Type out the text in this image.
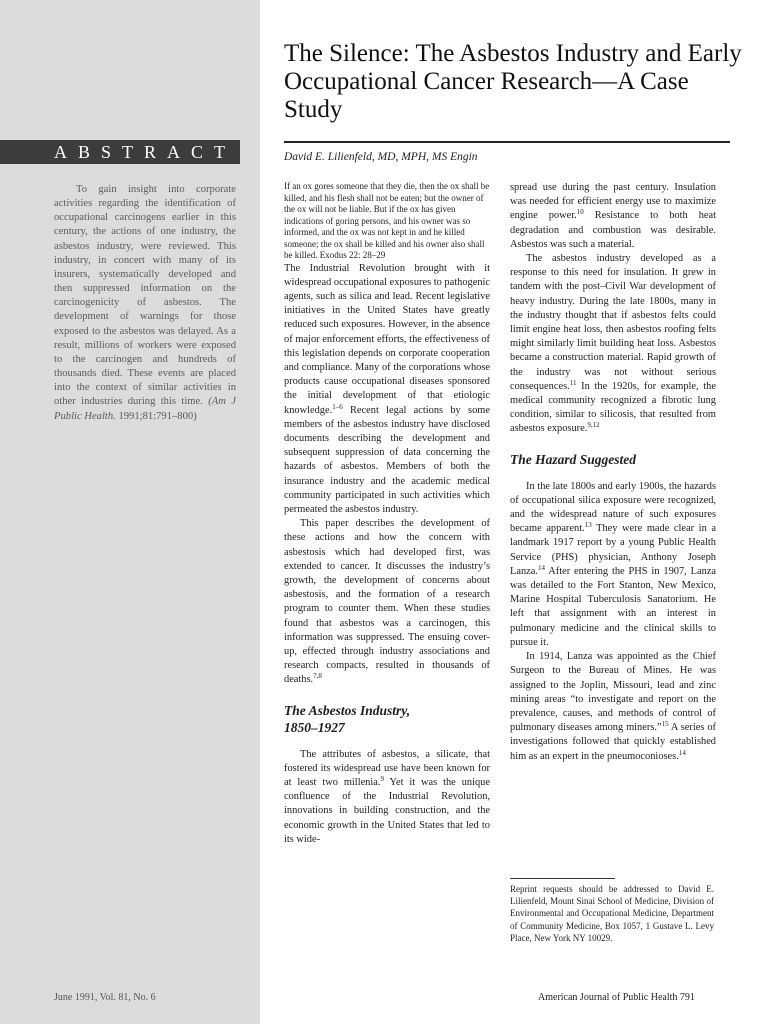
ABSTRACT

To gain insight into corporate activities regarding the identification of occupational carcinogens earlier in this century, the actions of one industry, the asbestos industry, were reviewed. This industry, in concert with many of its insurers, systematically developed and then suppressed information on the carcinogenicity of asbestos. The development of warnings for those exposed to the asbestos was delayed. As a result, millions of workers were exposed to the carcinogen and hundreds of thousands died. These events are placed into the context of similar activities in other industries during this time. (Am J Public Health. 1991;81:791–800)

June 1991, Vol. 81, No. 6
The Silence: The Asbestos Industry and Early Occupational Cancer Research—A Case Study
David E. Lilienfeld, MD, MPH, MS Engin

If an ox gores someone that they die, then the ox shall be killed, and his flesh shall not be eaten; but the owner of the ox will not be liable. But if the ox has given indications of goring persons, and his owner was so informed, and the ox was not kept in and he killed someone; the ox shall be killed and his owner also shall be killed. Exodus 22: 28–29

The Industrial Revolution brought with it widespread occupational exposures to pathogenic agents, such as silica and lead. Recent legislative initiatives in the United States have greatly reduced such exposures. However, in the absence of major enforcement efforts, the effectiveness of this legislation depends on corporate cooperation and compliance. Many of the corporations whose products cause occupational diseases sponsored the initial development of that etiologic knowledge.$^{1-6}$ Recent legal actions by some members of the asbestos industry have disclosed documents describing the development and subsequent suppression of data concerning the hazards of asbestos. Members of both the insurance industry and the academic medical community participated in such activities which permeated the asbestos industry.

This paper describes the development of these actions and how the concern with asbestosis which had developed first, was extended to cancer. It discusses the industry’s growth, the development of concerns about asbestosis, and the formation of a research program to counter them. When these studies found that asbestos was a carcinogen, this information was suppressed. The ensuing cover-up, effected through industry associations and research compacts, resulted in thousands of deaths.$^{7,8}$

The Asbestos Industry,
1850–1927

The attributes of asbestos, a silicate, that fostered its widespread use have been known for at least two millenia.$^9$ Yet it was the unique confluence of the Industrial Revolution, innovations in building construction, and the economic growth in the United States that led to its wide-

spread use during the past century. Insulation was needed for efficient energy use to maximize engine power.$^{10}$ Resistance to both heat degradation and combustion was desirable. Asbestos was such a material.

The asbestos industry developed as a response to this need for insulation. It grew in tandem with the post–Civil War development of heavy industry. During the late 1800s, many in the industry thought that if asbestos felts could limit engine heat loss, then asbestos roofing felts might similarly limit building heat loss. Asbestos became a construction material. Rapid growth of the industry was not without serious consequences.$^{11}$ In the 1920s, for example, the medical community recognized a fibrotic lung condition, similar to silicosis, that resulted from asbestos exposure.$^{9,12}$

The Hazard Suggested

In the late 1800s and early 1900s, the hazards of occupational silica exposure were recognized, and the widespread nature of such exposures became apparent.$^{13}$ They were made clear in a landmark 1917 report by a young Public Health Service (PHS) physician, Anthony Joseph Lanza.$^{14}$ After entering the PHS in 1907, Lanza was detailed to the Fort Stanton, New Mexico, Marine Hospital Tuberculosis Sanatorium. He left that assignment with an interest in pulmonary medicine and the clinical skills to pursue it.

In 1914, Lanza was appointed as the Chief Surgeon to the Bureau of Mines. He was assigned to the Joplin, Missouri, lead and zinc mining areas “to investigate and report on the prevalence, causes, and methods of control of pulmonary diseases among miners.”$^{15}$ A series of investigations followed that quickly established him as an expert in the pneumoconioses.$^{14}$

Reprint requests should be addressed to David E. Lilienfeld, Mount Sinai School of Medicine, Division of Environmental and Occupational Medicine, Department of Community Medicine, Box 1057, 1 Gustave L. Levy Place, New York NY 10029.

American Journal of Public Health 791
